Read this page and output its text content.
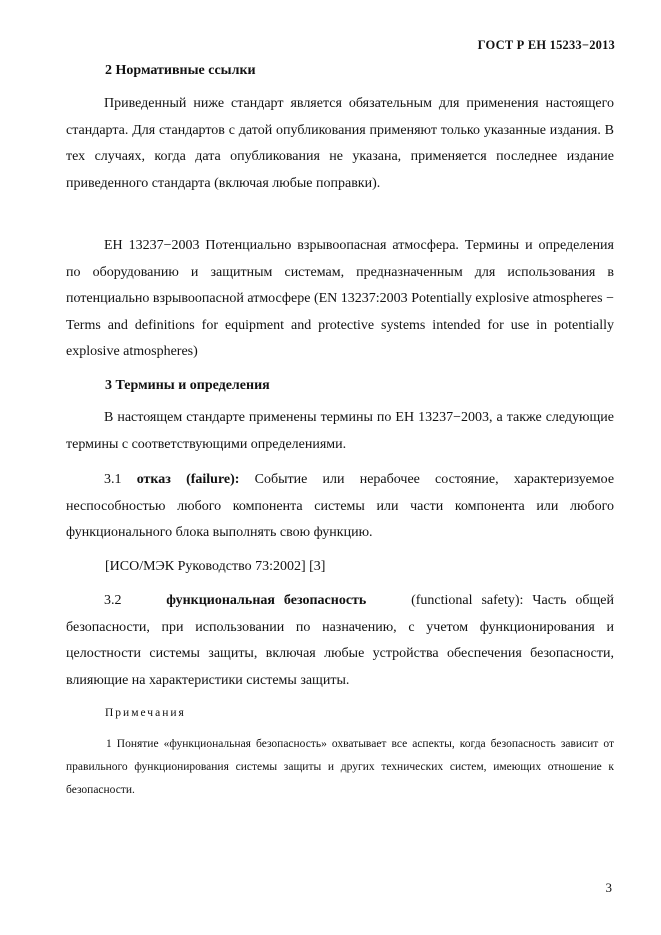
ГОСТ Р ЕН 15233−2013
2 Нормативные ссылки

Приведенный ниже стандарт является обязательным для применения настоящего стандарта. Для стандартов с датой опубликования применяют только указанные издания. В тех случаях, когда дата опубликования не указана, применяется последнее издание приведенного стандарта (включая любые поправки).

ЕН 13237−2003 Потенциально взрывоопасная атмосфера. Термины и определения по оборудованию и защитным системам, предназначенным для использования в потенциально взрывоопасной атмосфере (EN 13237:2003 Potentially explosive atmospheres − Terms and definitions for equipment and protective systems intended for use in potentially explosive atmospheres)

3 Термины и определения

В настоящем стандарте применены термины по ЕН 13237−2003, а также следующие термины с соответствующими определениями.

3.1 отказ (failure): Событие или нерабочее состояние, характеризуемое неспособностью любого компонента системы или части компонента или любого функционального блока выполнять свою функцию.

[ИСО/МЭК Руководство 73:2002] [3]

3.2	функциональная безопасность	(functional safety): Часть общей безопасности, при использовании по назначению, с учетом функционирования и целостности системы защиты, включая любые устройства обеспечения безопасности, влияющие на характеристики системы защиты.

Примечания

1 Понятие «функциональная безопасность» охватывает все аспекты, когда безопасность зависит от правильного функционирования системы защиты и других технических систем, имеющих отношение к безопасности.

3
